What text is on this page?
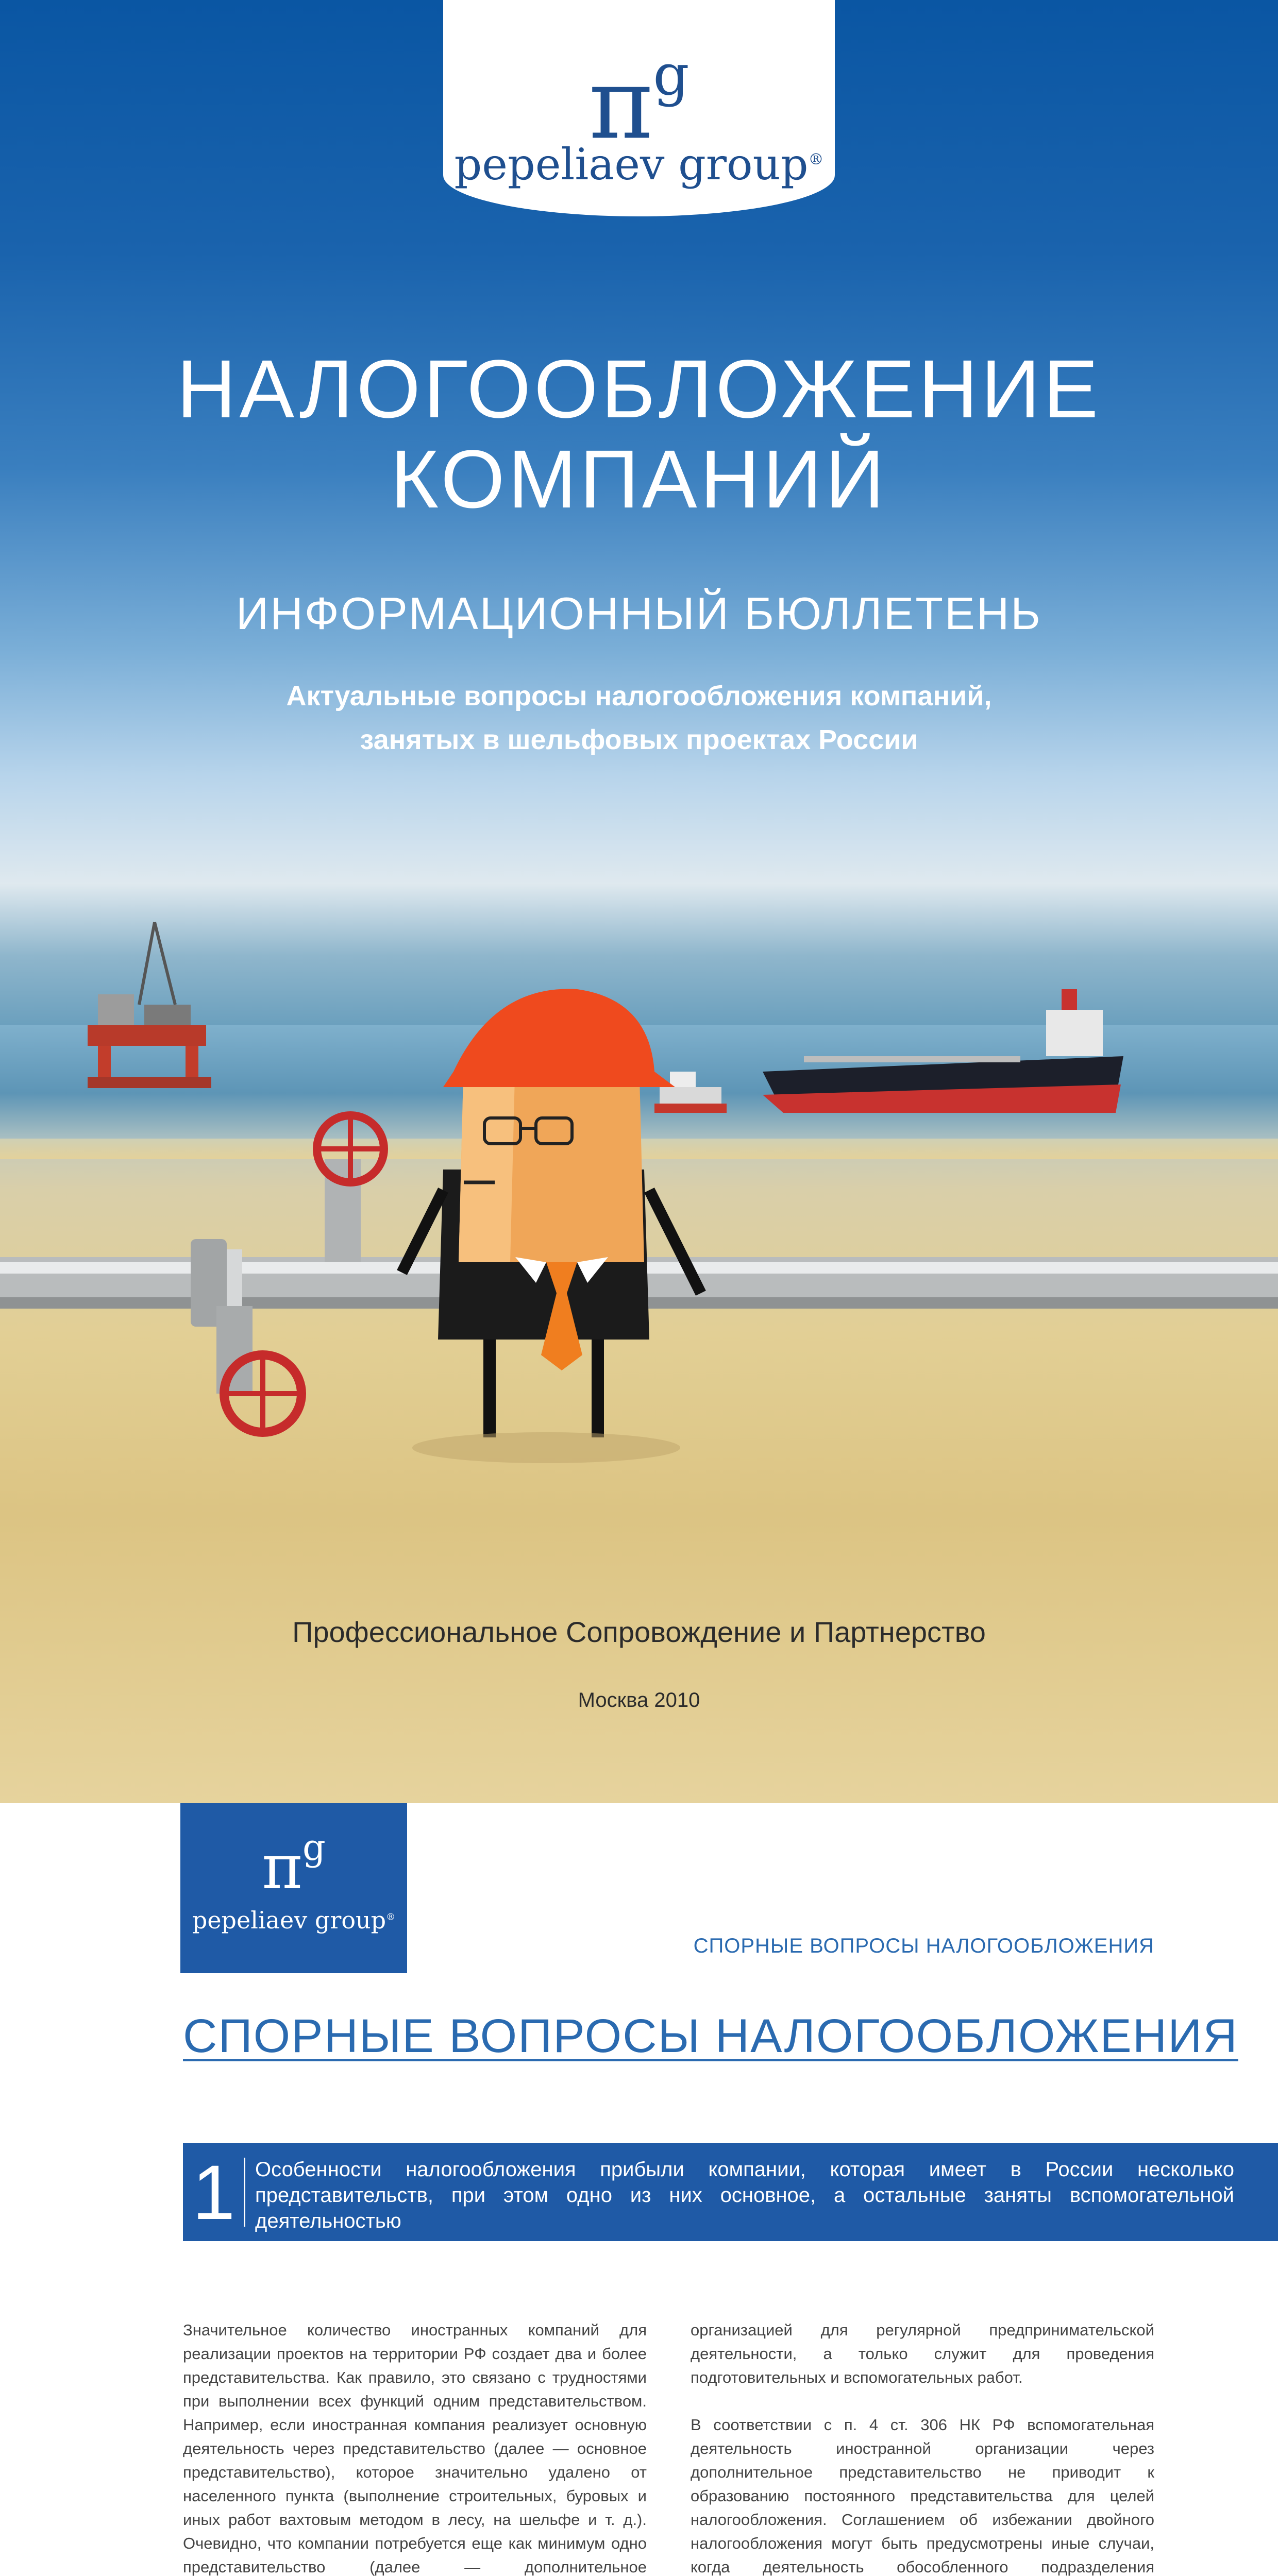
$\pi^g$
pepeliaev group®
НАЛОГООБЛОЖЕНИЕ
КОМПАНИЙ
ИНФОРМАЦИОННЫЙ БЮЛЛЕТЕНЬ
Актуальные вопросы налогообложения компаний,
занятых в шельфовых проектах России
Профессиональное Сопровождение и Партнерство
Москва 2010
$\pi^g$
pepeliaev group®
СПОРНЫЕ ВОПРОСЫ НАЛОГООБЛОЖЕНИЯ
СПОРНЫЕ ВОПРОСЫ НАЛОГООБЛОЖЕНИЯ
1 Особенности налогообложения прибыли компании, которая имеет в России несколько представительств, при этом одно из них основное, а остальные заняты вспомогательной деятельностью

Значительное количество иностранных компаний для реализации проектов на территории РФ создает два и более представительства. Как правило, это связано с трудностями при выполнении всех функций одним представительством. Например, если иностранная компания реализует основную деятельность через представительство (далее — основное представительство), которое значительно удалено от населенного пункта (выполнение строительных, буровых и иных работ вахтовым методом в лесу, на шельфе и т. д.). Очевидно, что компании потребуется еще как минимум одно представительство (далее — дополнительное

организацией для регулярной предпринимательской деятельности, а только служит для проведения подготовительных и вспомогательных работ.

В соответствии с п. 4 ст. 306 НК РФ вспомогательная деятельность иностранной организации через дополнительное представительство не приводит к образованию постоянного представительства для целей налогообложения. Соглашением об избежании двойного налогообложения могут быть предусмотрены иные случаи, когда деятельность обособленного подразделения
